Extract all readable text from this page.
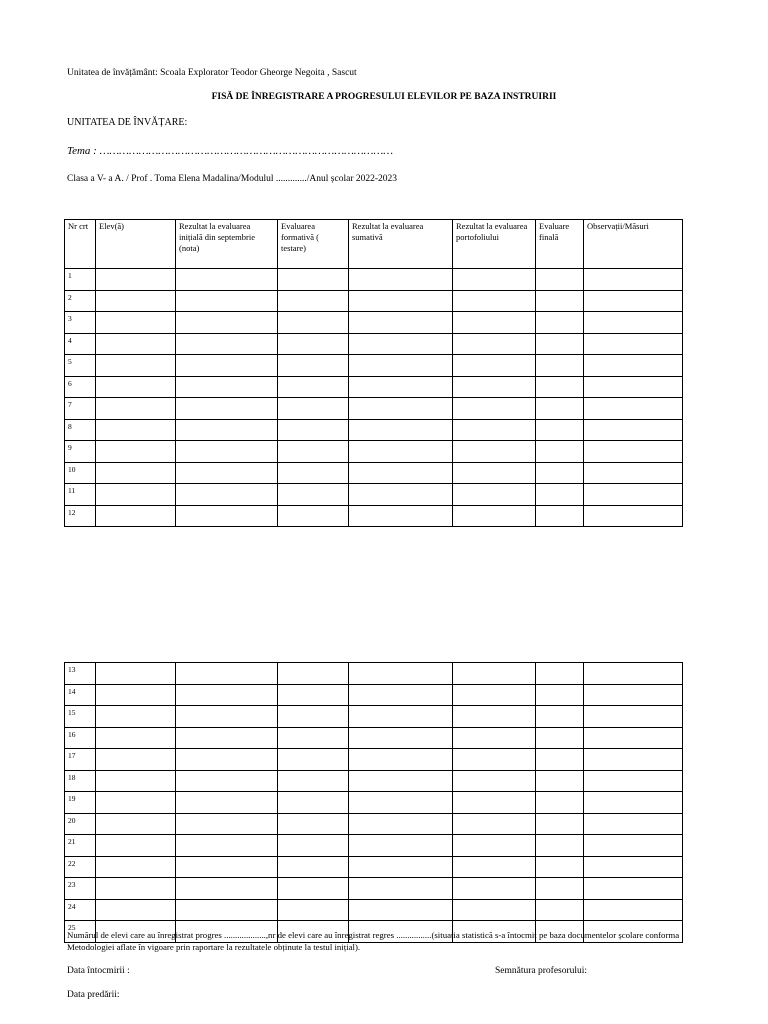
Unitatea de învățământ: Scoala Explorator Teodor Gheorge Negoita , Sascut
FISĂ DE ÎNREGISTRARE A PROGRESULUI ELEVILOR PE BAZA INSTRUIRII
UNITATEA DE ÎNVĂȚARE:
Tema : ………………………………………………………………………………
Clasa a V- a A. / Prof . Toma Elena Madalina/Modulul ............./Anul școlar 2022-2023
Nr crt	Elev(ă)	Rezultat la evaluarea inițială din septembrie (nota)	Evaluarea formativă ( testare)	Rezultat la evaluarea sumativă	Rezultat la evaluarea portofoliului	Evaluare finală	Observații/Măsuri
1							
2							
3							
4							
5							
6							
7							
8							
9							
10							
11							
12							
13							
14							
15							
16							
17							
18							
19							
20							
21							
22							
23							
24							
25							
Numărul de elevi care au înregistrat progres ...................,nr de elevi care au înregistrat regres ................(situația statistică s-a întocmit pe baza documentelor școlare conforma Metodologiei aflate în vigoare prin raportare la rezultatele obținute la testul inițial).
Data întocmirii :	Semnătura profesorului:
Data predării:
